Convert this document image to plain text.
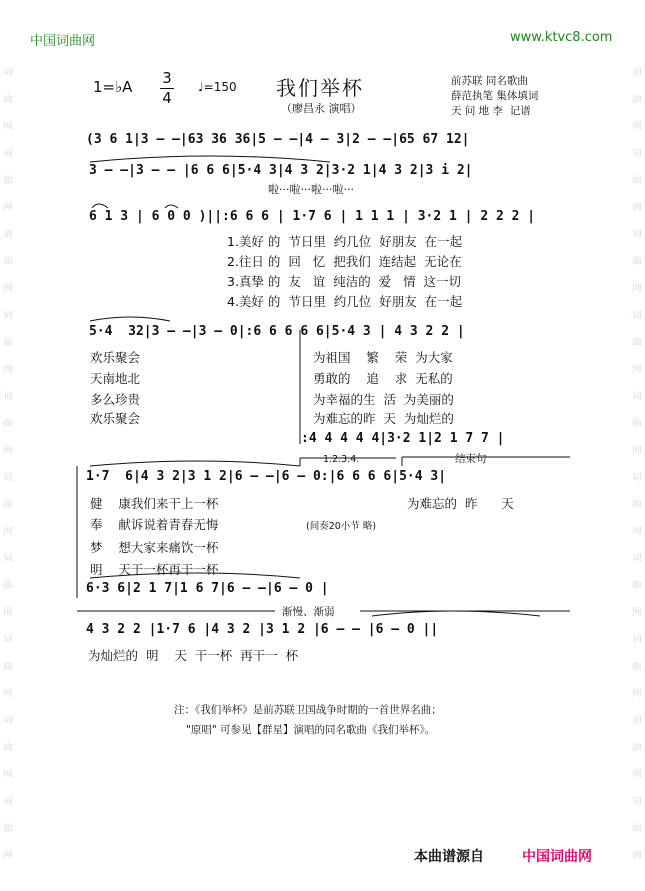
词
曲
网
词
曲
网
词
曲
网
词
曲
网
词
曲
网
词
曲
网
词
曲
网
词
曲
网
词
曲
网
词
曲
网
词
曲
网
词
曲
网
词
曲
网
词
曲
网
词
曲
网
词
曲
网
词
曲
网
词
曲
网
词
曲
网
词
曲
网
中国词曲网	www.ktvc8.com
1=♭A 3
4
♩=150 我们举杯
（廖昌永 演唱）
前苏联 同名歌曲
薛范执笔 集体填词
天 问 地 李  记谱
(3 6 1|3 — —|63 36 36|5 — —|4 — 3|2 — —|65 67 12|
3 — —|3 — — |6 6 6|5·4 3|4 3 2|3·2 1|4 3 2|3 i 2|
啦···啦···啦···啦···
6 1 3 | 6 0 0 )||:6 6 6 | 1·7 6 | 1 1 1 | 3·2 1 | 2 2 2 |
1.美好 的  节日里  约几位  好朋友  在一起
2.往日 的  回   忆  把我们  连结起  无论在
3.真挚 的  友   谊  纯洁的  爱   情  这一切
4.美好 的  节日里  约几位  好朋友  在一起
5·4  32|3 — —|3 — 0|:6 6 6 6 6|5·4 3 | 4 3 2 2 |
欢乐聚会
天南地北
多么珍贵
欢乐聚会
为祖国    繁    荣  为大家
勇敢的    追    求  无私的
为幸福的生  活  为美丽的
为难忘的昨  天  为灿烂的
:4 4 4 4 4|3·2 1|2 1 7 7 |
1.2.3.4.	结束句
1·7  6|4 3 2|3 1 2|6 — —|6 — 0:|6 6 6 6|5·4 3|
健    康我们来干上一杯
奉    献诉说着青春无悔	(间奏20小节 略)
梦    想大家来痛饮一杯
明    天干一杯再干一杯
为难忘的  昨      天
6·3 6|2 1 7|1 6 7|6 — —|6 — 0 |
渐慢、渐弱
4 3 2 2 |1·7 6 |4 3 2 |3 1 2 |6 — — |6 — 0 ||
为灿烂的  明    天  干一杯  再干一  杯
注：《我们举杯》是前苏联卫国战争时期的一首世界名曲；
"原唱" 可参见【群星】演唱的同名歌曲《我们举杯》。
本曲谱源自	中国词曲网
